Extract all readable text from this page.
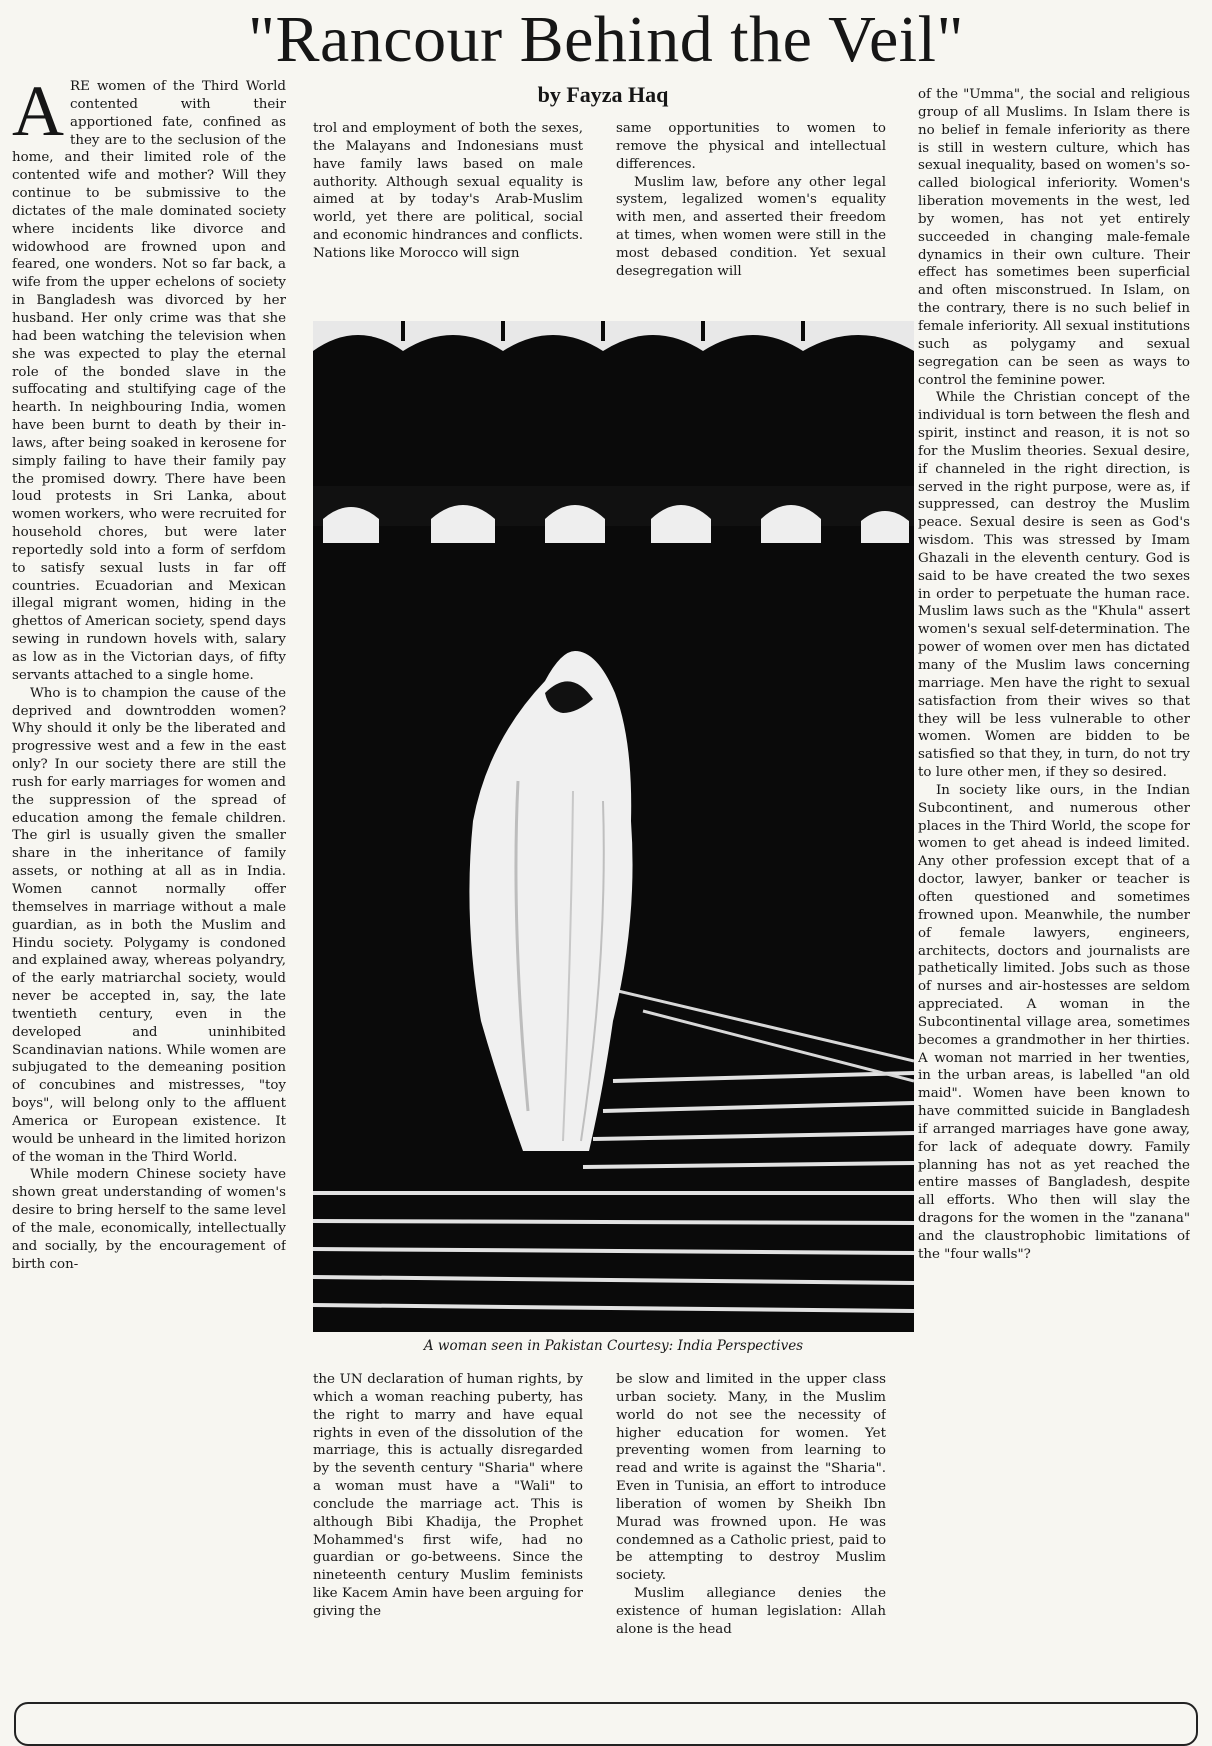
"Rancour Behind the Veil"
A RE women of the Third World contented with their apportioned fate, confined as they are to the seclusion of the home, and their limited role of the contented wife and mother? Will they continue to be submissive to the dictates of the male dominated society where incidents like divorce and widowhood are frowned upon and feared, one wonders. Not so far back, a wife from the upper echelons of society in Bangladesh was divorced by her husband. Her only crime was that she had been watching the television when she was expected to play the eternal role of the bonded slave in the suffocating and stultifying cage of the hearth. In neighbouring India, women have been burnt to death by their in-laws, after being soaked in kerosene for simply failing to have their family pay the promised dowry. There have been loud protests in Sri Lanka, about women workers, who were recruited for household chores, but were later reportedly sold into a form of serfdom to satisfy sexual lusts in far off countries. Ecuadorian and Mexican illegal migrant women, hiding in the ghettos of American society, spend days sewing in rundown hovels with, salary as low as in the Victorian days, of fifty servants attached to a single home.

Who is to champion the cause of the deprived and downtrodden women? Why should it only be the liberated and progressive west and a few in the east only? In our society there are still the rush for early marriages for women and the suppression of the spread of education among the female children. The girl is usually given the smaller share in the inheritance of family assets, or nothing at all as in India. Women cannot normally offer themselves in marriage without a male guardian, as in both the Muslim and Hindu society. Polygamy is condoned and explained away, whereas polyandry, of the early matriarchal society, would never be accepted in, say, the late twentieth century, even in the developed and uninhibited Scandinavian nations. While women are subjugated to the demeaning position of concubines and mistresses, "toy boys", will belong only to the affluent America or European existence. It would be unheard in the limited horizon of the woman in the Third World.

While modern Chinese society have shown great understanding of women's desire to bring herself to the same level of the male, economically, intellectually and socially, by the encouragement of birth con-

by Fayza Haq

trol and employment of both the sexes, the Malayans and Indonesians must have family laws based on male authority. Although sexual equality is aimed at by today's Arab-Muslim world, yet there are political, social and economic hindrances and conflicts. Nations like Morocco will sign

same opportunities to women to remove the physical and intellectual differences.

Muslim law, before any other legal system, legalized women's equality with men, and asserted their freedom at times, when women were still in the most debased condition. Yet sexual desegregation will

A woman seen in Pakistan Courtesy: India Perspectives

the UN declaration of human rights, by which a woman reaching puberty, has the right to marry and have equal rights in even of the dissolution of the marriage, this is actually disregarded by the seventh century "Sharia" where a woman must have a "Wali" to conclude the marriage act. This is although Bibi Khadija, the Prophet Mohammed's first wife, had no guardian or go-betweens. Since the nineteenth century Muslim feminists like Kacem Amin have been arguing for giving the

be slow and limited in the upper class urban society. Many, in the Muslim world do not see the necessity of higher education for women. Yet preventing women from learning to read and write is against the "Sharia". Even in Tunisia, an effort to introduce liberation of women by Sheikh Ibn Murad was frowned upon. He was condemned as a Catholic priest, paid to be attempting to destroy Muslim society.

Muslim allegiance denies the existence of human legislation: Allah alone is the head

of the "Umma", the social and religious group of all Muslims. In Islam there is no belief in female inferiority as there is still in western culture, which has sexual inequality, based on women's so-called biological inferiority. Women's liberation movements in the west, led by women, has not yet entirely succeeded in changing male-female dynamics in their own culture. Their effect has sometimes been superficial and often misconstrued. In Islam, on the contrary, there is no such belief in female inferiority. All sexual institutions such as polygamy and sexual segregation can be seen as ways to control the feminine power.

While the Christian concept of the individual is torn between the flesh and spirit, instinct and reason, it is not so for the Muslim theories. Sexual desire, if channeled in the right direction, is served in the right purpose, were as, if suppressed, can destroy the Muslim peace. Sexual desire is seen as God's wisdom. This was stressed by Imam Ghazali in the eleventh century. God is said to be have created the two sexes in order to perpetuate the human race. Muslim laws such as the "Khula" assert women's sexual self-determination. The power of women over men has dictated many of the Muslim laws concerning marriage. Men have the right to sexual satisfaction from their wives so that they will be less vulnerable to other women. Women are bidden to be satisfied so that they, in turn, do not try to lure other men, if they so desired.

In society like ours, in the Indian Subcontinent, and numerous other places in the Third World, the scope for women to get ahead is indeed limited. Any other profession except that of a doctor, lawyer, banker or teacher is often questioned and sometimes frowned upon. Meanwhile, the number of female lawyers, engineers, architects, doctors and journalists are pathetically limited. Jobs such as those of nurses and air-hostesses are seldom appreciated. A woman in the Subcontinental village area, sometimes becomes a grandmother in her thirties. A woman not married in her twenties, in the urban areas, is labelled "an old maid". Women have been known to have committed suicide in Bangladesh if arranged marriages have gone away, for lack of adequate dowry. Family planning has not as yet reached the entire masses of Bangladesh, despite all efforts. Who then will slay the dragons for the women in the "zanana" and the claustrophobic limitations of the "four walls"?
